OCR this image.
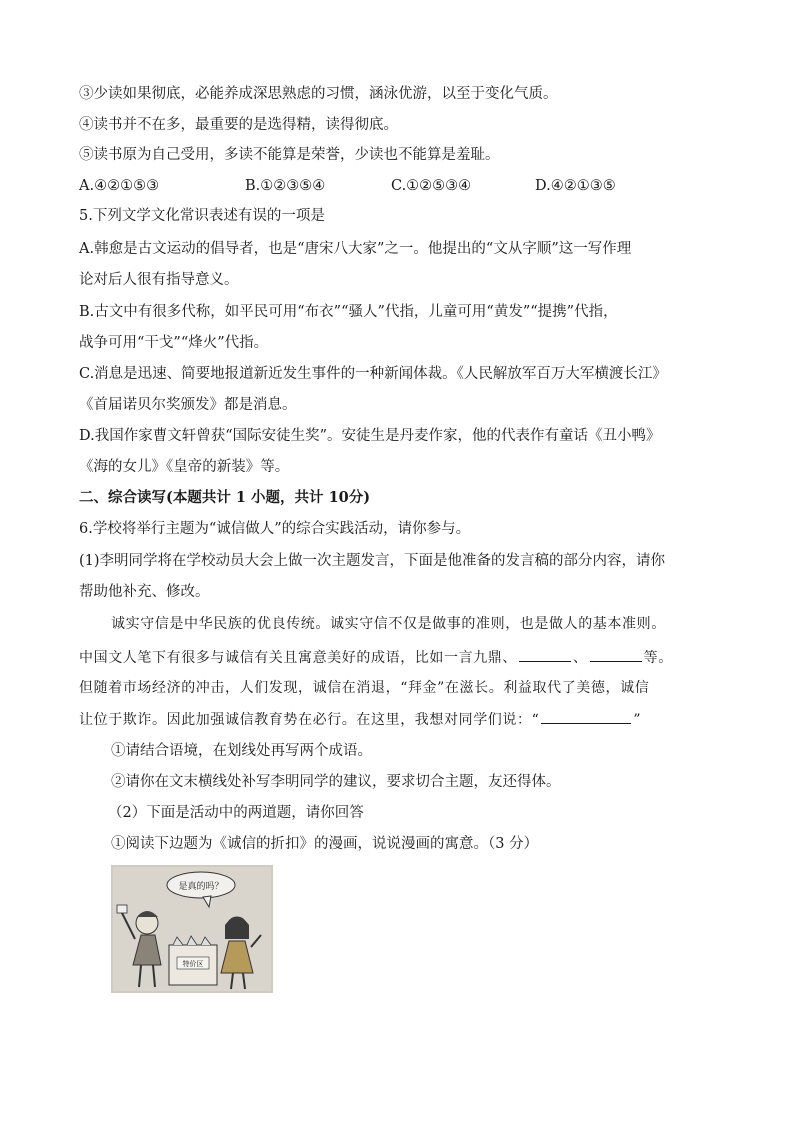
③少读如果彻底，必能养成深思熟虑的习惯，涵泳优游，以至于变化气质。
④读书并不在多，最重要的是选得精，读得彻底。
⑤读书原为自己受用，多读不能算是荣誉，少读也不能算是羞耻。
A.④②①⑤③	B.①②③⑤④	C.①②⑤③④	D.④②①③⑤
5.下列文学文化常识表述有误的一项是
A.韩愈是古文运动的倡导者，也是“唐宋八大家”之一。他提出的“文从字顺”这一写作理
论对后人很有指导意义。
B.古文中有很多代称，如平民可用“布衣”“骚人”代指，儿童可用“黄发”“提携”代指，
战争可用“干戈”“烽火”代指。
C.消息是迅速、简要地报道新近发生事件的一种新闻体裁。《人民解放军百万大军横渡长江》
《首届诺贝尔奖颁发》都是消息。
D.我国作家曹文轩曾获“国际安徒生奖”。安徒生是丹麦作家，他的代表作有童话《丑小鸭》
《海的女儿》《皇帝的新装》等。
二、综合读写(本题共计 1 小题，共计 10分)
6.学校将举行主题为“诚信做人”的综合实践活动，请你参与。
(1)李明同学将在学校动员大会上做一次主题发言，下面是他准备的发言稿的部分内容，请你
帮助他补充、修改。
诚实守信是中华民族的优良传统。诚实守信不仅是做事的准则，也是做人的基本准则。
中国文人笔下有很多与诚信有关且寓意美好的成语，比如一言九鼎、	、	等。
但随着市场经济的冲击，人们发现，诚信在消退，“拜金”在滋长。利益取代了美德，诚信
让位于欺诈。因此加强诚信教育势在必行。在这里，我想对同学们说：“	”
①请结合语境，在划线处再写两个成语。
②请你在文末横线处补写李明同学的建议，要求切合主题，友还得体。
（2）下面是活动中的两道题，请你回答
①阅读下边题为《诚信的折扣》的漫画，说说漫画的寓意。（3 分）
是真的吗？
特价区
